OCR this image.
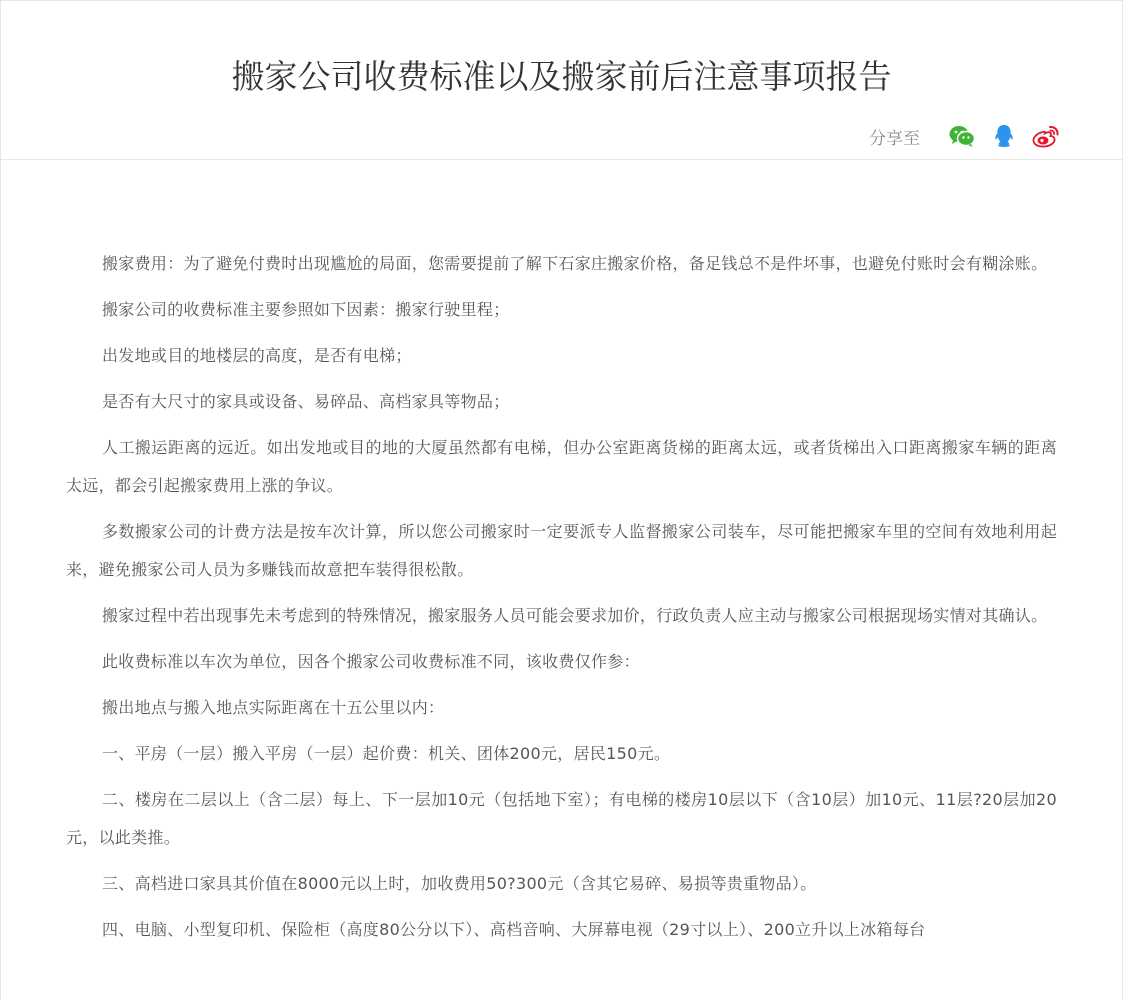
搬家公司收费标准以及搬家前后注意事项报告
分享至

搬家费用：为了避免付费时出现尴尬的局面，您需要提前了解下石家庄搬家价格，备足钱总不是件坏事，也避免付账时会有糊涂账。

搬家公司的收费标准主要参照如下因素：搬家行驶里程；

出发地或目的地楼层的高度，是否有电梯；

是否有大尺寸的家具或设备、易碎品、高档家具等物品；

人工搬运距离的远近。如出发地或目的地的大厦虽然都有电梯，但办公室距离货梯的距离太远，或者货梯出入口距离搬家车辆的距离太远，都会引起搬家费用上涨的争议。

多数搬家公司的计费方法是按车次计算，所以您公司搬家时一定要派专人监督搬家公司装车，尽可能把搬家车里的空间有效地利用起来，避免搬家公司人员为多赚钱而故意把车装得很松散。

搬家过程中若出现事先未考虑到的特殊情况，搬家服务人员可能会要求加价，行政负责人应主动与搬家公司根据现场实情对其确认。

此收费标准以车次为单位，因各个搬家公司收费标准不同，该收费仅作参：

搬出地点与搬入地点实际距离在十五公里以内：

一、平房（一层）搬入平房（一层）起价费：机关、团体200元，居民150元。

二、楼房在二层以上（含二层）每上、下一层加10元（包括地下室）；有电梯的楼房10层以下（含10层）加10元、11层?20层加20元，以此类推。

三、高档进口家具其价值在8000元以上时，加收费用50?300元（含其它易碎、易损等贵重物品）。

四、电脑、小型复印机、保险柜（高度80公分以下）、高档音响、大屏幕电视（29寸以上）、200立升以上冰箱每台
